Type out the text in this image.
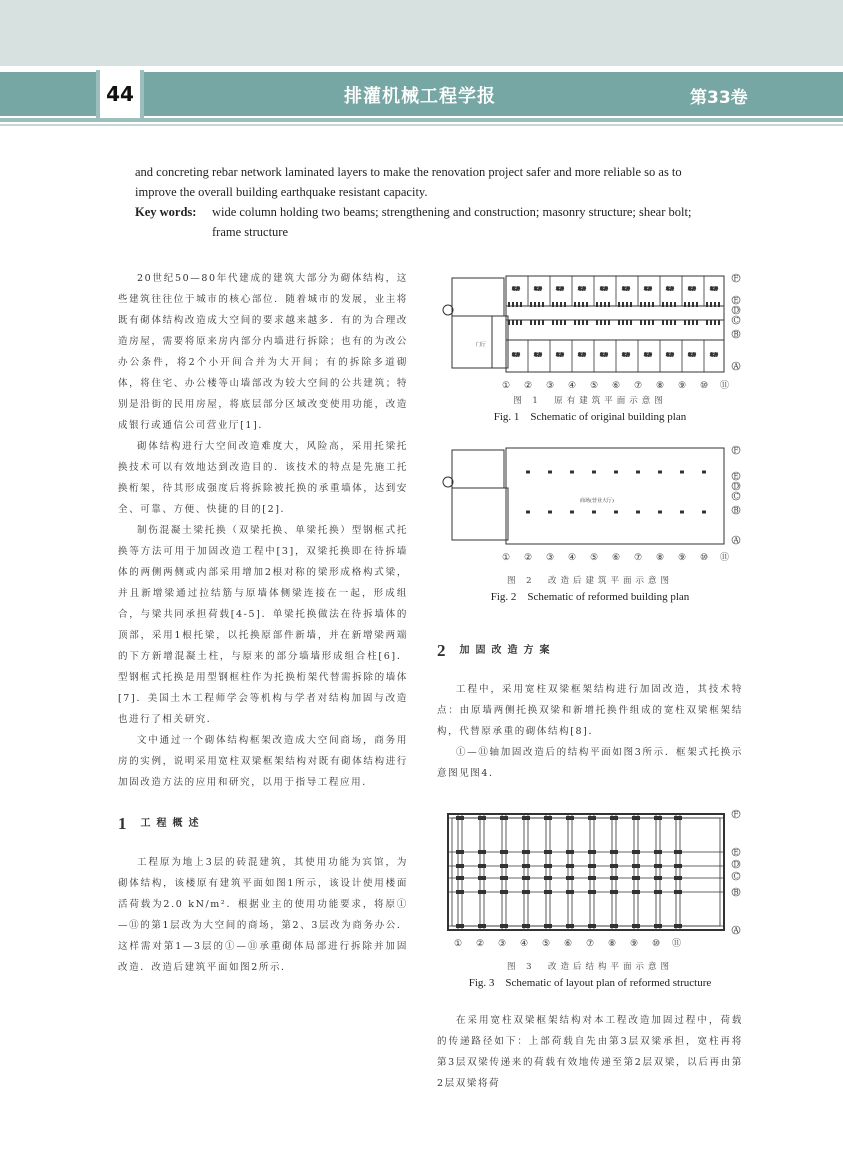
44	排灌机械工程学报	第33卷
and concreting rebar network laminated layers to make the renovation project safer and more reliable so as to improve the overall building earthquake resistant capacity.
Key words:	wide column holding two beams; strengthening and construction; masonry structure; shear bolt; frame structure

20世纪50—80年代建成的建筑大部分为砌体结构，这些建筑往往位于城市的核心部位．随着城市的发展，业主将既有砌体结构改造成大空间的要求越来越多．有的为合理改造房屋，需要将原来房内部分内墙进行拆除；也有的为改公办公条件，将2个小开间合并为大开间；有的拆除多道砌体，将住宅、办公楼等山墙部改为较大空间的公共建筑；特别是沿街的民用房屋，将底层部分区域改变使用功能，改造成银行或通信公司营业厅[1]．

砌体结构进行大空间改造难度大，风险高，采用托梁托换技术可以有效地达到改造目的．该技术的特点是先施工托换桁架，待其形成强度后将拆除被托换的承重墙体，达到安全、可靠、方便、快捷的目的[2]．

制伤混凝土梁托换（双梁托换、单梁托换）型钢框式托换等方法可用于加固改造工程中[3]，双梁托换即在待拆墙体的两侧两侧或内部采用增加2根对称的梁形成格构式梁，并且新增梁通过拉结筋与原墙体侧梁连接在一起，形成组合，与梁共同承担荷载[4-5]．单梁托换做法在待拆墙体的顶部，采用1根托梁，以托换原部件新墙，并在新增梁两端的下方新增混凝土柱，与原来的部分墙墙形成组合柱[6]．型钢框式托换是用型钢框柱作为托换桁架代替需拆除的墙体[7]．美国土木工程师学会等机构与学者对结构加固与改造也进行了相关研究．

文中通过一个砌体结构框架改造成大空间商场，商务用房的实例，说明采用宽柱双梁框架结构对既有砌体结构进行加固改造方法的应用和研究，以用于指导工程应用．

1 工程概述

工程原为地上3层的砖混建筑，其使用功能为宾馆，为砌体结构，该楼原有建筑平面如图1所示，该设计使用楼面活荷载为2.0 kN/m²．根据业主的使用功能要求，将原①—⑪的第1层改为大空间的商场，第2、3层改为商务办公．这样需对第1—3层的①—⑪承重砌体局部进行拆除并加固改造．改造后建筑平面如图2所示．

客房
客房
客房
客房
客房
客房
客房
客房
客房
客房
客房
客房
客房
客房
客房
客房
客房
客房
客房
客房
门厅
① ② ③ ④ ⑤ ⑥ ⑦ ⑧ ⑨ ⑩ ⑪
F
E
D
C
B
A
图 1　原有建筑平面示意图
Fig. 1　Schematic of original building plan
商场(营业大厅)
① ② ③ ④ ⑤ ⑥ ⑦ ⑧ ⑨ ⑩ ⑪
F
E
D
C
B
A
图 2　改造后建筑平面示意图
Fig. 2　Schematic of reformed building plan
2 加固改造方案

工程中，采用宽柱双梁框架结构进行加固改造，其技术特点：由原墙两侧托换双梁和新增托换件组成的宽柱双梁框架结构，代替原承重的砌体结构[8]．

①—⑪轴加固改造后的结构平面如图3所示．框架式托换示意图见图4．

① ② ③ ④ ⑤ ⑥ ⑦ ⑧ ⑨ ⑩ ⑪
F
E
D
C
B
A
图 3　改造后结构平面示意图
Fig. 3　Schematic of layout plan of reformed structure

在采用宽柱双梁框架结构对本工程改造加固过程中，荷载的传递路径如下：上部荷载自先由第3层双梁承担，宽柱再将第3层双梁传递来的荷载有效地传递至第2层双梁，以后再由第2层双梁将荷
